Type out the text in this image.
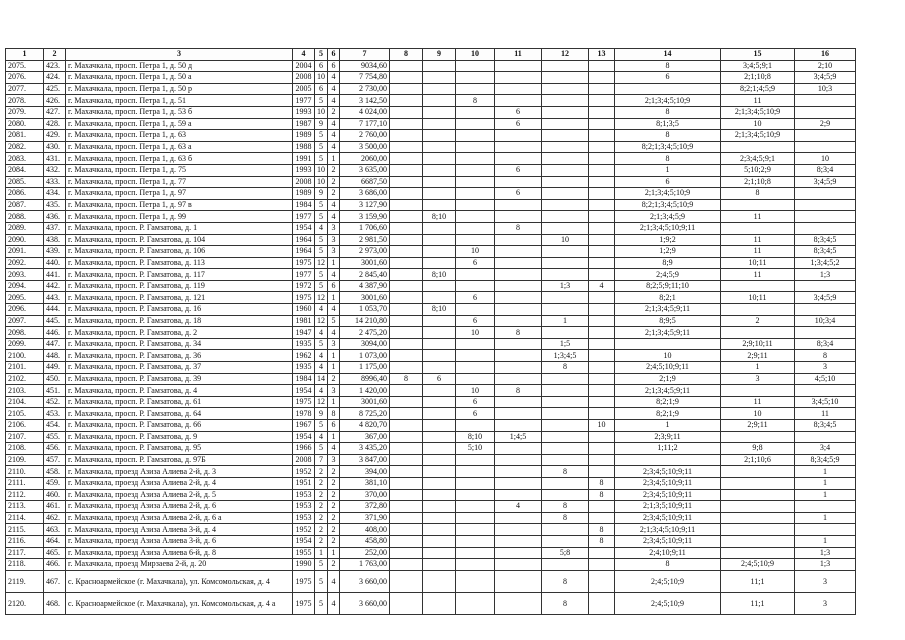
1	2	3	4	5	6	7	8	9	10	11	12	13	14	15	16
2075.	423.	г. Махачкала, просп. Петра 1, д. 50 д	2004	6	6	9034,60							8	3;4;5;9;1	2;10
2076.	424.	г. Махачкала, просп. Петра 1, д. 50 а	2008	10	4	7 754,80							6	2;1;10;8	3;4;5;9
2077.	425.	г. Махачкала, просп. Петра 1, д. 50 р	2005	6	4	2 730,00								8;2;1;4;5;9	10;3
2078.	426.	г. Махачкала, просп. Петра 1, д. 51	1977	5	4	3 142,50			8				2;1;3;4;5;10;9	11	
2079.	427.	г. Махачкала, просп. Петра 1, д. 53 б	1993	10	2	4 024,00				6			8	2;1;3;4;5;10;9	
2080.	428.	г. Махачкала, просп. Петра 1, д. 59 а	1987	9	4	7 177,10				6			8;1;3;5	10	2;9
2081.	429.	г. Махачкала, просп. Петра 1, д. 63	1989	5	4	2 760,00							8	2;1;3;4;5;10;9	
2082.	430.	г. Махачкала, просп. Петра 1, д. 63 а	1988	5	4	3 500,00							8;2;1;3;4;5;10;9		
2083.	431.	г. Махачкала, просп. Петра 1, д. 63 б	1991	5	1	2060,00							8	2;3;4;5;9;1	10
2084.	432.	г. Махачкала, просп. Петра 1, д. 75	1993	10	2	3 635,00				6			1	5;10;2;9	8;3;4
2085.	433.	г. Махачкала, просп. Петра 1, д. 77	2008	10	2	6687,50							6	2;1;10;8	3;4;5;9
2086.	434.	г. Махачкала, просп. Петра 1, д. 97	1989	9	2	3 686,00				6			2;1;3;4;5;10;9	8	
2087.	435.	г. Махачкала, просп. Петра 1, д. 97 в	1984	5	4	3 127,90							8;2;1;3;4;5;10;9		
2088.	436.	г. Махачкала, просп. Петра 1, д. 99	1977	5	4	3 159,90		8;10					2;1;3;4;5;9	11	
2089.	437.	г. Махачкала, просп. Р. Гамзатова, д. 1	1954	4	3	1 706,60				8			2;1;3;4;5;10;9;11		
2090.	438.	г. Махачкала, просп. Р. Гамзатова, д. 104	1964	5	3	2 981,50					10		1;9;2	11	8;3;4;5
2091.	439.	г. Махачкала, просп. Р. Гамзатова, д. 106	1964	5	3	2 973,00			10				1;2;9	11	8;3;4;5
2092.	440.	г. Махачкала, просп. Р. Гамзатова, д. 113	1975	12	1	3001,60			6				8;9	10;11	1;3;4;5;2
2093.	441.	г. Махачкала, просп. Р. Гамзатова, д. 117	1977	5	4	2 845,40		8;10					2;4;5;9	11	1;3
2094.	442.	г. Махачкала, просп. Р. Гамзатова, д. 119	1972	5	6	4 387,90					1;3	4	8;2;5;9;11;10		
2095.	443.	г. Махачкала, просп. Р. Гамзатова, д. 121	1975	12	1	3001,60			6				8;2;1	10;11	3;4;5;9
2096.	444.	г. Махачкала, просп. Р. Гамзатова, д. 16	1960	4	4	1 053,70		8;10					2;1;3;4;5;9;11		
2097.	445.	г. Махачкала, просп. Р. Гамзатова, д. 18	1981	12	5	14 210,80			6		1		8;9;5	2	10;3;4
2098.	446.	г. Махачкала, просп. Р. Гамзатова, д. 2	1947	4	4	2 475,20			10	8			2;1;3;4;5;9;11		
2099.	447.	г. Махачкала, просп. Р. Гамзатова, д. 34	1935	5	3	3094,00					1;5			2;9;10;11	8;3;4
2100.	448.	г. Махачкала, просп. Р. Гамзатова, д. 36	1962	4	1	1 073,00					1;3;4;5		10	2;9;11	8
2101.	449.	г. Махачкала, просп. Р. Гамзатова, д. 37	1935	4	1	1 175,00					8		2;4;5;10;9;11	1	3
2102.	450.	г. Махачкала, просп. Р. Гамзатова, д. 39	1984	14	2	8996,40	8	6					2;1;9	3	4;5;10
2103.	451.	г. Махачкала, просп. Р. Гамзатова, д. 4	1954	4	3	1 420,00			10	8			2;1;3;4;5;9;11		
2104.	452.	г. Махачкала, просп. Р. Гамзатова, д. 61	1975	12	1	3001,60			6				8;2;1;9	11	3;4;5;10
2105.	453.	г. Махачкала, просп. Р. Гамзатова, д. 64	1978	9	8	8 725,20			6				8;2;1;9	10	11
2106.	454.	г. Махачкала, просп. Р. Гамзатова, д. 66	1967	5	6	4 820,70						10	1	2;9;11	8;3;4;5
2107.	455.	г. Махачкала, просп. Р. Гамзатова, д. 9	1954	4	1	367,00			8;10	1;4;5			2;3;9;11		
2108.	456.	г. Махачкала, просп. Р. Гамзатова, д. 95	1966	5	4	3 435,20			5;10				1;11;2	9;8	3;4
2109.	457.	г. Махачкала, просп. Р. Гамзатова, д. 97Б	2008	7	3	3 847,00								2;1;10;6	8;3;4;5;9
2110.	458.	г. Махачкала, проезд Азиза Алиева 2-й, д. 3	1952	2	2	394,00					8		2;3;4;5;10;9;11		1
2111.	459.	г. Махачкала, проезд Азиза Алиева 2-й, д. 4	1951	2	2	381,10						8	2;3;4;5;10;9;11		1
2112.	460.	г. Махачкала, проезд Азиза Алиева 2-й, д. 5	1953	2	2	370,00						8	2;3;4;5;10;9;11		1
2113.	461.	г. Махачкала, проезд Азиза Алиева 2-й, д. 6	1953	2	2	372,80				4	8		2;1;3;5;10;9;11		
2114.	462.	г. Махачкала, проезд Азиза Алиева 2-й, д. 6 а	1953	2	2	371,90					8		2;3;4;5;10;9;11		1
2115.	463.	г. Махачкала, проезд Азиза Алиева 3-й, д. 4	1952	2	2	408,00						8	2;1;3;4;5;10;9;11		
2116.	464.	г. Махачкала, проезд Азиза Алиева 3-й, д. 6	1954	2	2	458,80						8	2;3;4;5;10;9;11		1
2117.	465.	г. Махачкала, проезд Азиза Алиева 6-й, д. 8	1955	1	1	252,00					5;8		2;4;10;9;11		1;3
2118.	466.	г. Махачкала, проезд Мирзаева 2-й, д. 20	1990	5	2	1 763,00							8	2;4;5;10;9	1;3
2119.	467.	с. Красноармейское (г. Махачкала), ул. Комсомольская, д. 4	1975	5	4	3 660,00					8		2;4;5;10;9	11;1	3
2120.	468.	с. Красноармейское (г. Махачкала), ул. Комсомольская, д. 4 а	1975	5	4	3 660,00					8		2;4;5;10;9	11;1	3
